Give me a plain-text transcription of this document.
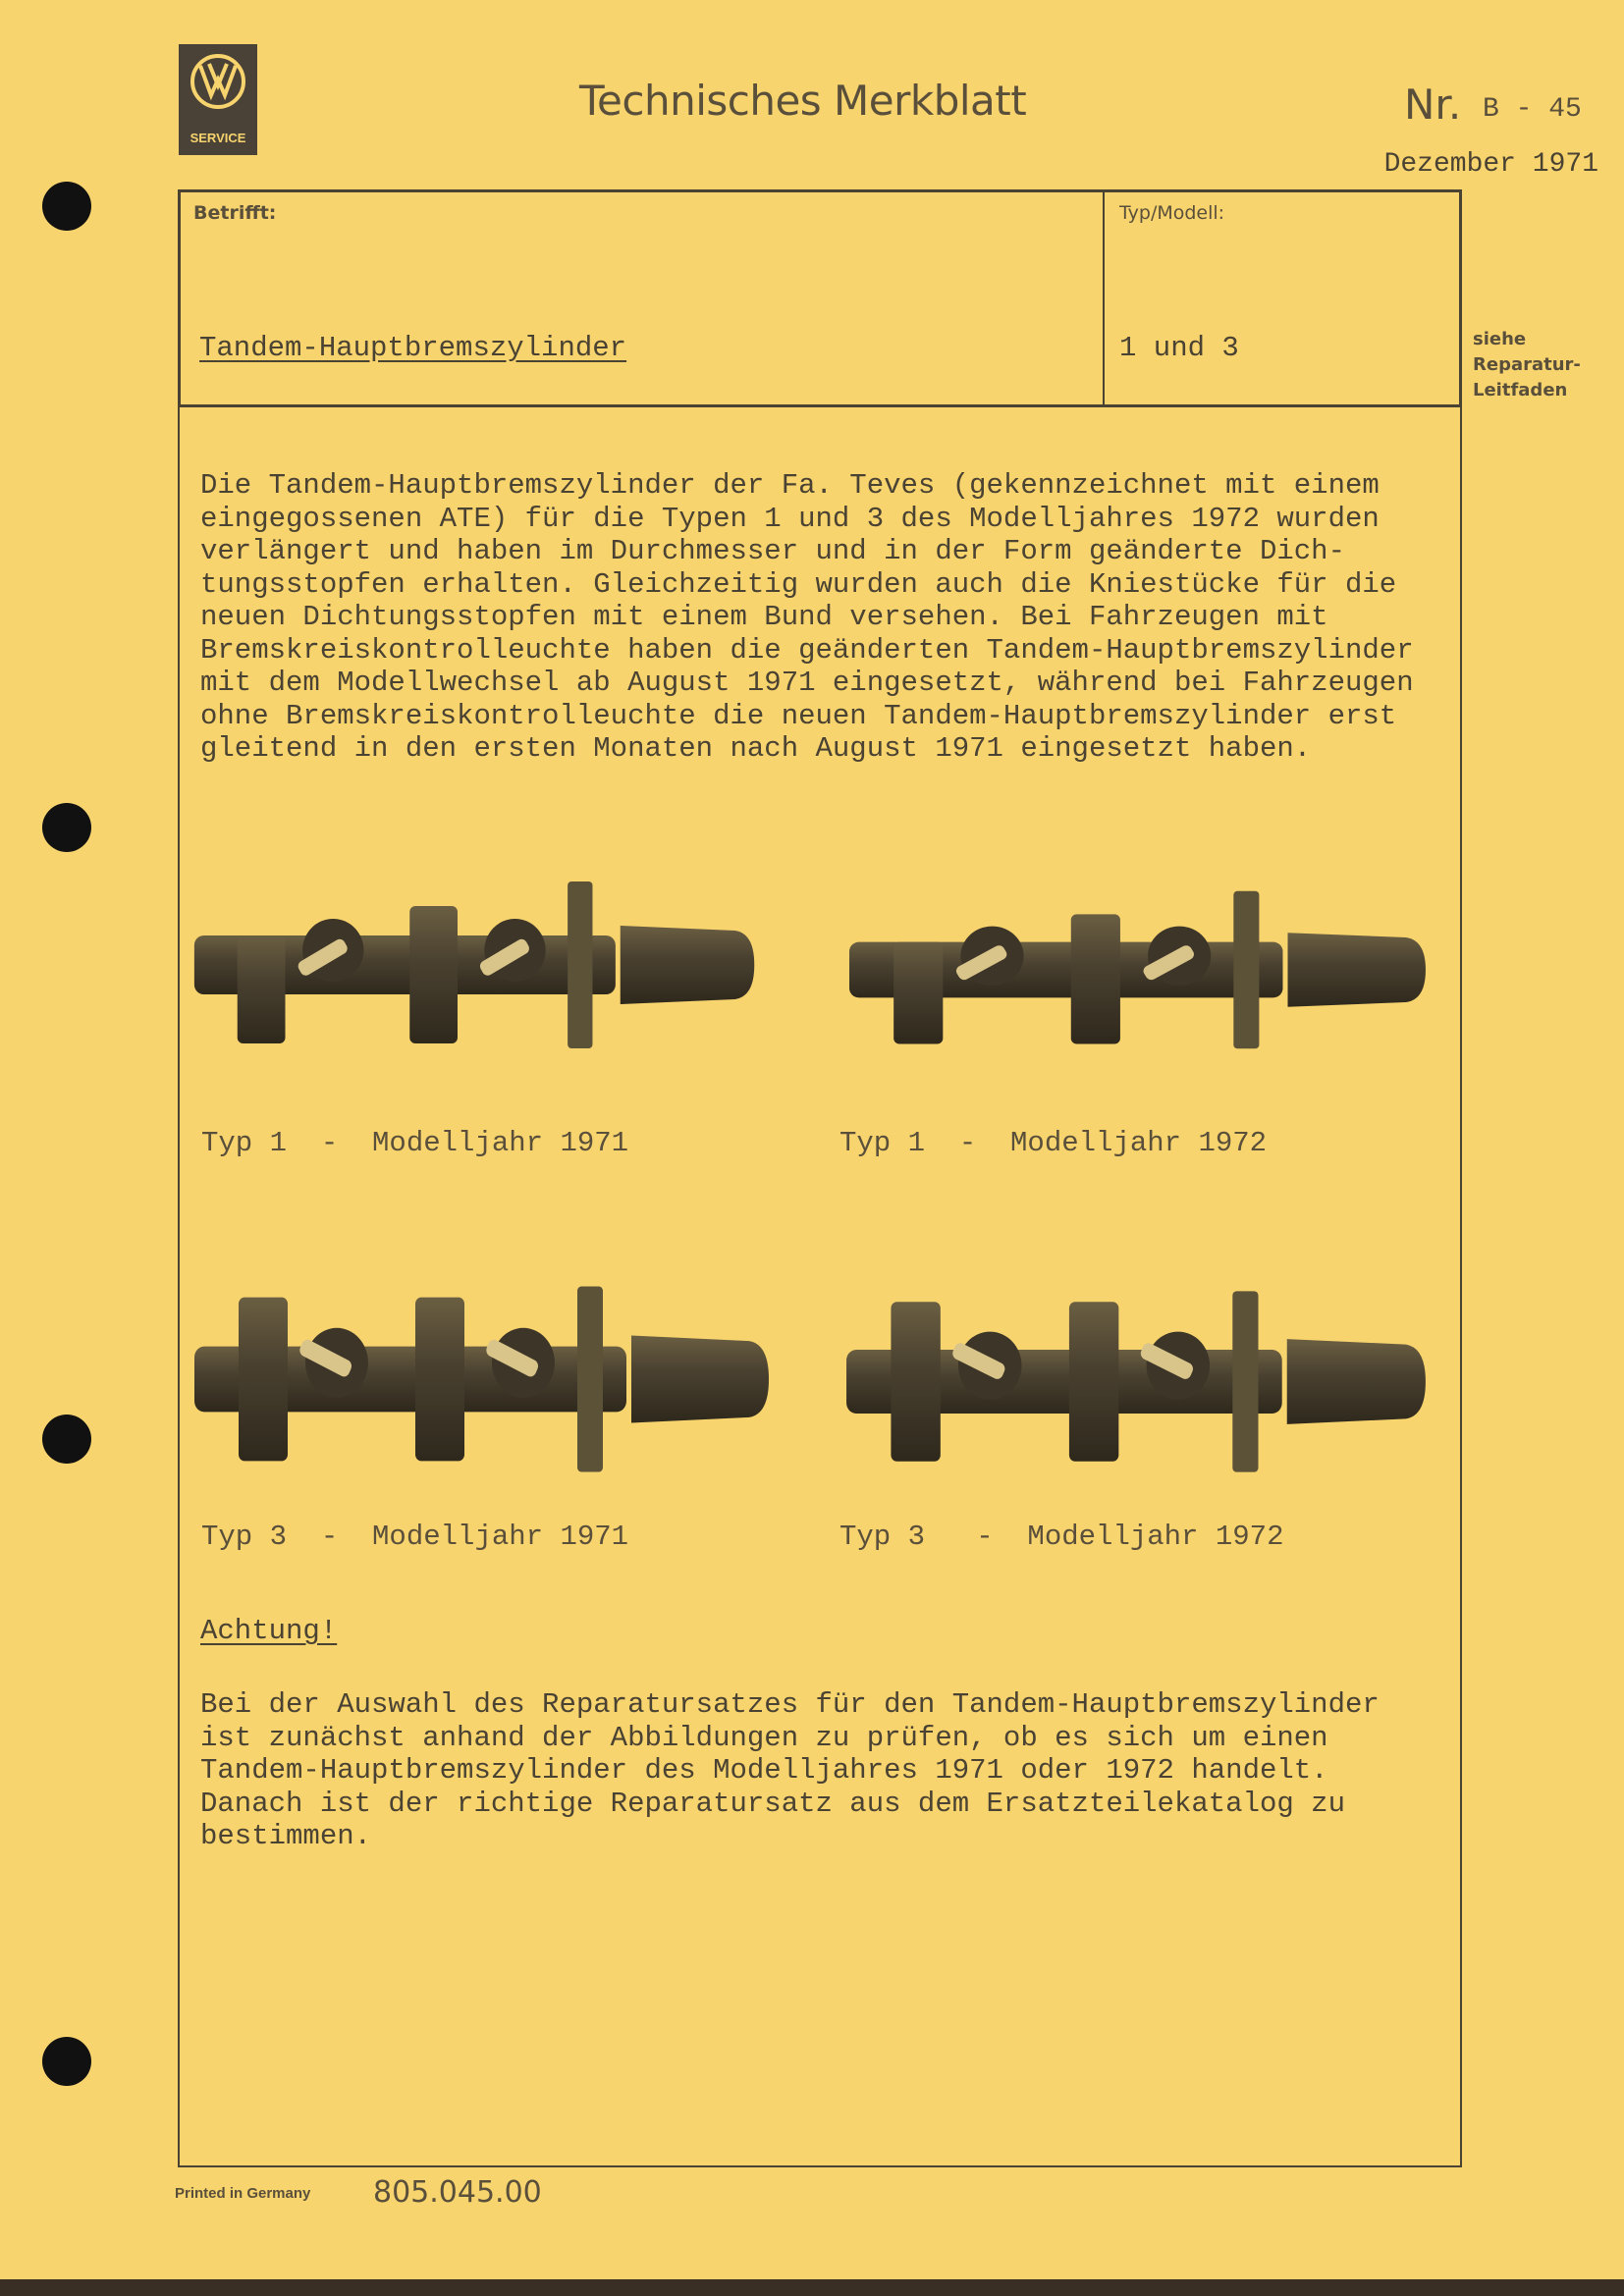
SERVICE
Technisches Merkblatt	Nr. B - 45
Dezember 1971
Betrifft:
Tandem-Hauptbremszylinder
Typ/Modell:
1 und 3	siehe
Reparatur-
Leitfaden
Die Tandem-Hauptbremszylinder der Fa. Teves (gekennzeichnet mit einem
eingegossenen ATE) für die Typen 1 und 3 des Modelljahres 1972 wurden
verlängert und haben im Durchmesser und in der Form geänderte Dich-
tungsstopfen erhalten. Gleichzeitig wurden auch die Kniestücke für die
neuen Dichtungsstopfen mit einem Bund versehen. Bei Fahrzeugen mit
Bremskreiskontrolleuchte haben die geänderten Tandem-Hauptbremszylinder
mit dem Modellwechsel ab August 1971 eingesetzt, während bei Fahrzeugen
ohne Bremskreiskontrolleuchte die neuen Tandem-Hauptbremszylinder erst
gleitend in den ersten Monaten nach August 1971 eingesetzt haben.
Typ 1  -  Modelljahr 1971	Typ 1  -  Modelljahr 1972
Typ 3  -  Modelljahr 1971	Typ 3   -  Modelljahr 1972
Achtung!
Bei der Auswahl des Reparatursatzes für den Tandem-Hauptbremszylinder
ist zunächst anhand der Abbildungen zu prüfen, ob es sich um einen
Tandem-Hauptbremszylinder des Modelljahres 1971 oder 1972 handelt.
Danach ist der richtige Reparatursatz aus dem Ersatzteilekatalog zu
bestimmen.
Printed in Germany 805.045.00
